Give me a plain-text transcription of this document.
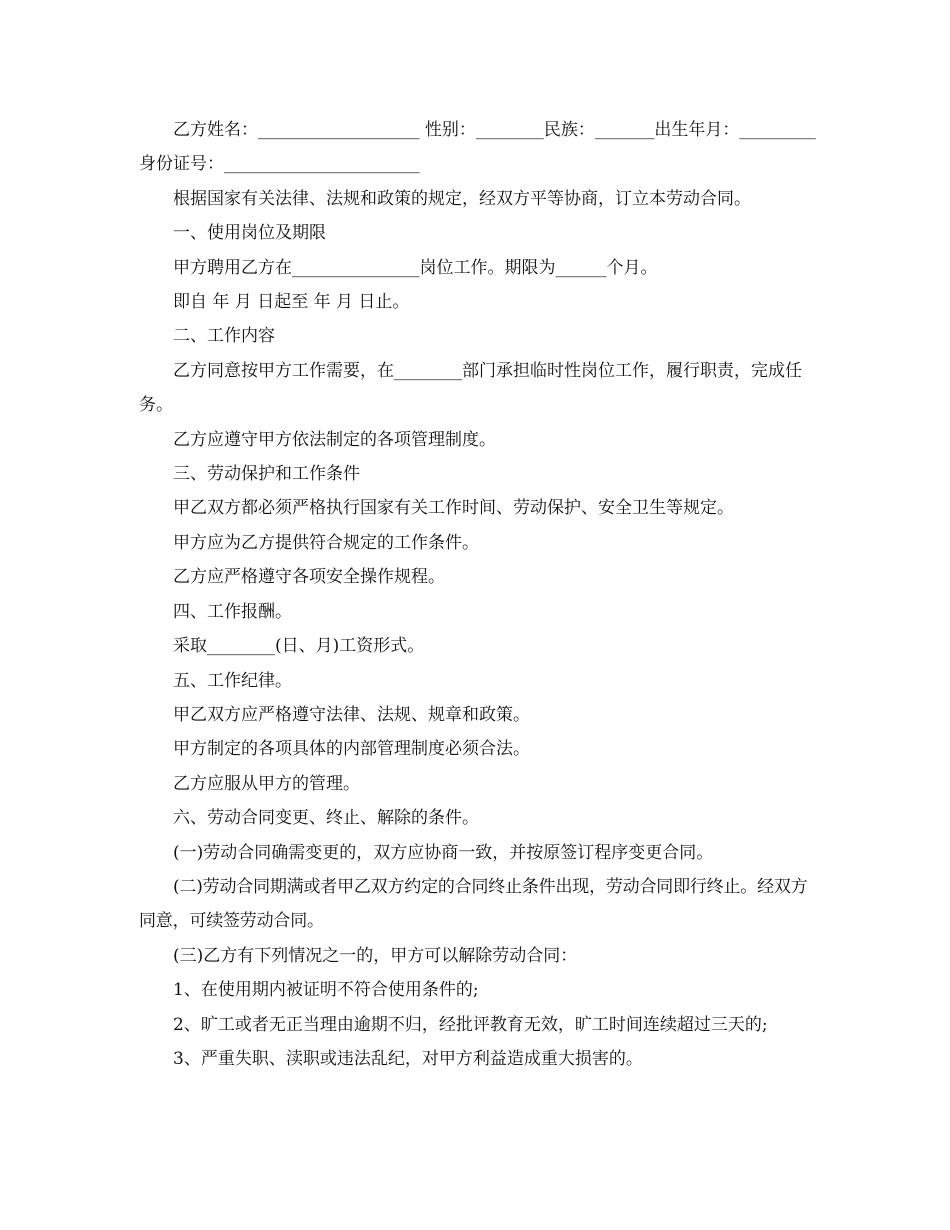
乙方姓名：___________________ 性别：________民族：_______出生年月：_________身份证号：_______________________

根据国家有关法律、法规和政策的规定，经双方平等协商，订立本劳动合同。

一、使用岗位及期限

甲方聘用乙方在_______________岗位工作。期限为______个月。

即自 年 月 日起至 年 月 日止。

二、工作内容

乙方同意按甲方工作需要，在________部门承担临时性岗位工作，履行职责，完成任务。

乙方应遵守甲方依法制定的各项管理制度。

三、劳动保护和工作条件

甲乙双方都必须严格执行国家有关工作时间、劳动保护、安全卫生等规定。

甲方应为乙方提供符合规定的工作条件。

乙方应严格遵守各项安全操作规程。

四、工作报酬。

采取________(日、月)工资形式。

五、工作纪律。

甲乙双方应严格遵守法律、法规、规章和政策。

甲方制定的各项具体的内部管理制度必须合法。

乙方应服从甲方的管理。

六、劳动合同变更、终止、解除的条件。

(一)劳动合同确需变更的，双方应协商一致，并按原签订程序变更合同。

(二)劳动合同期满或者甲乙双方约定的合同终止条件出现，劳动合同即行终止。经双方同意，可续签劳动合同。

(三)乙方有下列情况之一的，甲方可以解除劳动合同：

1、在使用期内被证明不符合使用条件的;

2、旷工或者无正当理由逾期不归，经批评教育无效，旷工时间连续超过三天的;

3、严重失职、渎职或违法乱纪，对甲方利益造成重大损害的。
